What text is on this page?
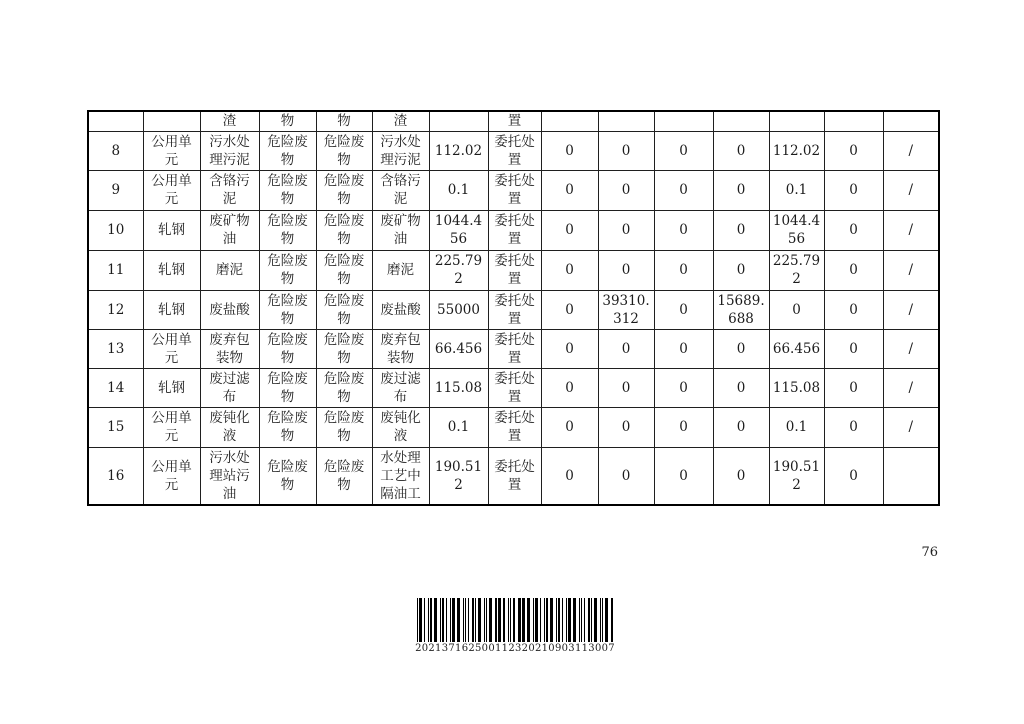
		渣	物	物	渣		置							
8	公用单元	污水处理污泥	危险废物	危险废物	污水处理污泥	112.02	委托处置	0	0	0	0	112.02	0	/
9	公用单元	含铬污泥	危险废物	危险废物	含铬污泥	0.1	委托处置	0	0	0	0	0.1	0	/
10	轧钢	废矿物油	危险废物	危险废物	废矿物油	1044.456	委托处置	0	0	0	0	1044.456	0	/
11	轧钢	磨泥	危险废物	危险废物	磨泥	225.792	委托处置	0	0	0	0	225.792	0	/
12	轧钢	废盐酸	危险废物	危险废物	废盐酸	55000	委托处置	0	39310.312	0	15689.688	0	0	/
13	公用单元	废弃包装物	危险废物	危险废物	废弃包装物	66.456	委托处置	0	0	0	0	66.456	0	/
14	轧钢	废过滤布	危险废物	危险废物	废过滤布	115.08	委托处置	0	0	0	0	115.08	0	/
15	公用单元	废钝化液	危险废物	危险废物	废钝化液	0.1	委托处置	0	0	0	0	0.1	0	/
16	公用单元	污水处理站污油	危险废物	危险废物	水处理工艺中隔油工	190.512	委托处置	0	0	0	0	190.512	0	
76
202137162500112320210903113007
